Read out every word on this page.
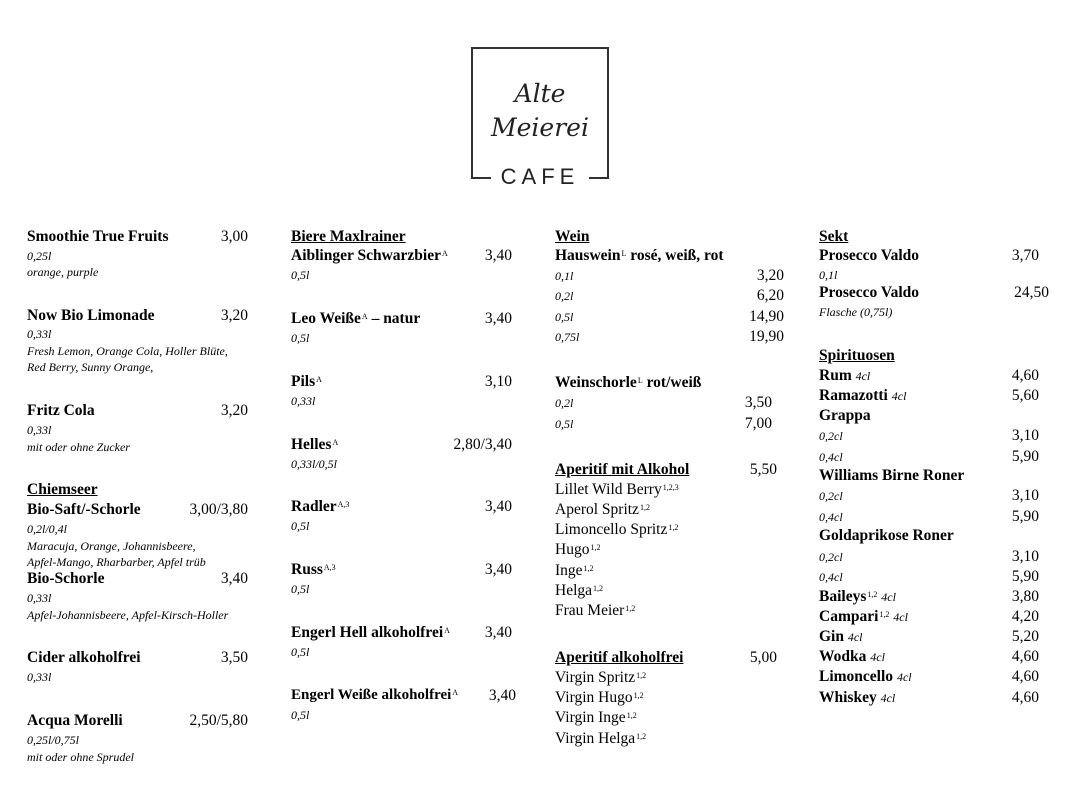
Alte
Meierei
CAFE
Smoothie True Fruits	3,00
0,25l
orange, purple
Now Bio Limonade	3,20
0,33l
Fresh Lemon, Orange Cola, Holler Blüte,
Red Berry, Sunny Orange,
Fritz Cola	3,20
0,33l
mit oder ohne Zucker
Chiemseer
Bio-Saft/-Schorle	3,00/3,80
0,2l/0,4l
Maracuja, Orange, Johannisbeere,
Apfel-Mango, Rharbarber, Apfel trüb
Bio-Schorle	3,40
0,33l
Apfel-Johannisbeere, Apfel-Kirsch-Holler
Cider alkoholfrei	3,50
0,33l
Acqua Morelli	2,50/5,80
0,25l/0,75l
mit oder ohne Sprudel
Biere Maxlrainer
Aiblinger Schwarzbier$^A$ 3,40
0,5l
Leo Weiße$^A$ – natur	3,40
0,5l
Pils$^A$	3,10
0,33l
Helles$^A$	2,80/3,40
0,33l/0,5l
Radler$^{A,3}$	3,40
0,5l
Russ$^{A,3}$	3,40
0,5l
Engerl Hell alkoholfrei$^A$ 3,40
0,5l
Engerl Weiße alkoholfrei$^A$ 3,40
0,5l
Wein
Hauswein$^L$ rosé, weiß, rot
0,1l	3,20
0,2l	6,20
0,5l	14,90
0,75l	19,90
Weinschorle$^L$ rot/weiß
0,2l	3,50
0,5l	7,00
Aperitif mit Alkohol	5,50
Lillet Wild Berry$^{1,2,3}$
Aperol Spritz$^{1,2}$
Limoncello Spritz$^{1,2}$
Hugo$^{1,2}$
Inge$^{1,2}$
Helga$^{1,2}$
Frau Meier$^{1,2}$
Aperitif alkoholfrei	5,00
Virgin Spritz$^{1,2}$
Virgin Hugo$^{1,2}$
Virgin Inge$^{1,2}$
Virgin Helga$^{1,2}$
Sekt
Prosecco Valdo	3,70
0,1l
Prosecco Valdo	24,50
Flasche (0,75l)
Spirituosen
Rum 4cl	4,60
Ramazotti 4cl	5,60
Grappa
0,2cl	3,10
0,4cl	5,90
Williams Birne Roner
0,2cl	3,10
0,4cl	5,90
Goldaprikose Roner
0,2cl	3,10
0,4cl	5,90
Baileys$^{1,2}$ 4cl	3,80
Campari$^{1,2}$ 4cl	4,20
Gin 4cl	5,20
Wodka 4cl	4,60
Limoncello 4cl	4,60
Whiskey 4cl	4,60
